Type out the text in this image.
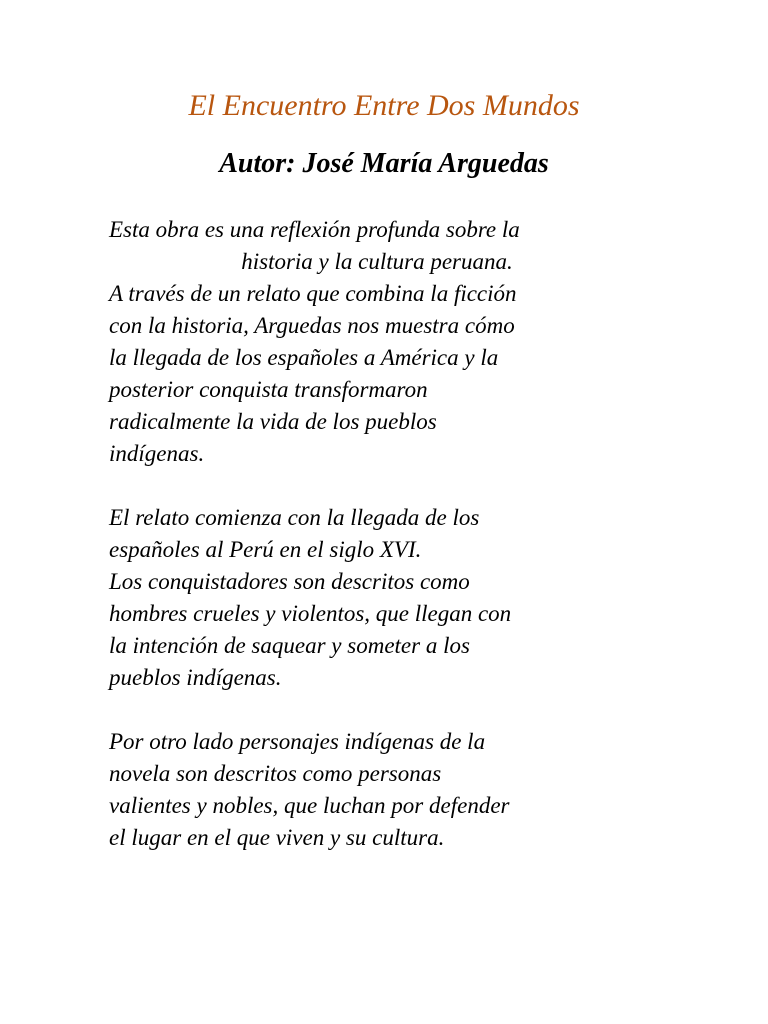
El Encuentro Entre Dos Mundos
Autor: José María Arguedas
Esta obra es una reflexión profunda sobre la
historia y la cultura peruana.
A través de un relato que combina la ficción
con la historia, Arguedas nos muestra cómo
la llegada de los españoles a América y la
posterior conquista transformaron
radicalmente la vida de los pueblos
indígenas.
El relato comienza con la llegada de los
españoles al Perú en el siglo XVI.
Los conquistadores son descritos como
hombres crueles y violentos, que llegan con
la intención de saquear y someter a los
pueblos indígenas.
Por otro lado personajes indígenas de la
novela son descritos como personas
valientes y nobles, que luchan por defender
el lugar en el que viven y su cultura.
